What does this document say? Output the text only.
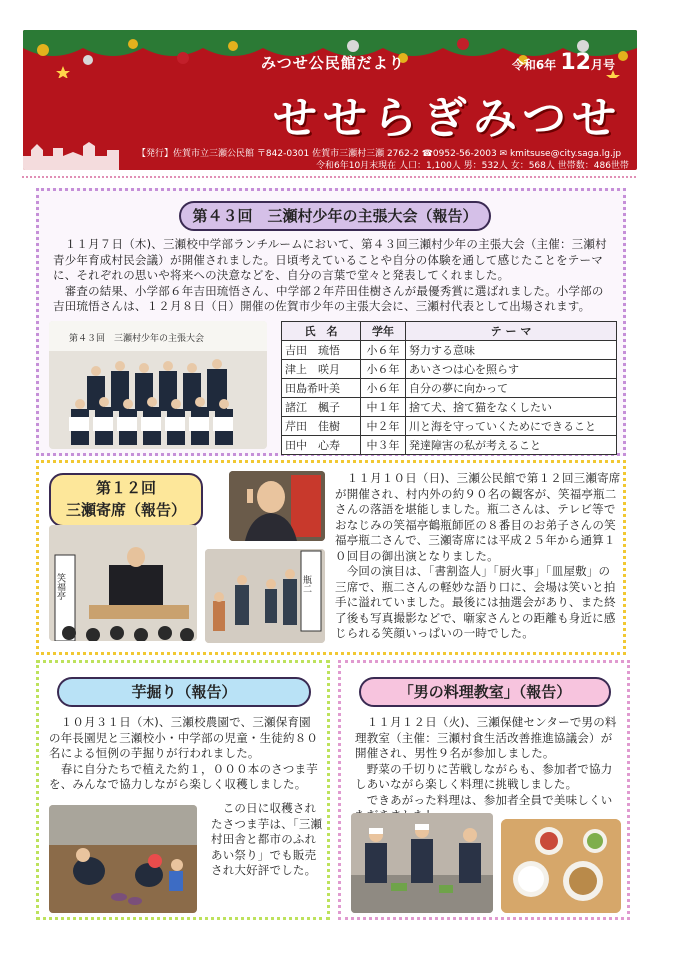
みつせ公民館だより	令和6年 12月号
せせらぎみつせ
【発行】佐賀市立三瀬公民館 〒842-0301 佐賀市三瀬村三瀬 2762-2 ☎0952-56-2003 ✉ kmitsuse@city.saga.lg.jp
令和6年10月末現在 人口：1,100人 男：532人 女：568人 世帯数：486世帯
第４３回　三瀬村少年の主張大会（報告）
　１１月７日（木)、三瀬校中学部ランチルームにおいて、第４３回三瀬村少年の主張大会（主催：三瀬村青少年育成村民会議）が開催されました。日頃考えていることや自分の体験を通して感じたことをテーマに、それぞれの思いや将来への決意などを、自分の言葉で堂々と発表してくれました。
　審査の結果、小学部６年吉田琉悟さん、中学部２年芹田佳樹さんが最優秀賞に選ばれました。小学部の吉田琉悟さんは、１２月８日（日）開催の佐賀市少年の主張大会に、三瀬村代表として出場されます。
第４３回　三瀬村少年の主張大会
氏　名	学年	テ ー マ
吉田　琉悟	小６年	努力する意味
津上　咲月	小６年	あいさつは心を照らす
田島希叶美	小６年	自分の夢に向かって
諸江　楓子	中１年	捨て犬、捨て猫をなくしたい
芹田　佳樹	中２年	川と海を守っていくためにできること
田中　心寿	中３年	発達障害の私が考えること
第１２回
三瀬寄席（報告）
笑福亭	瓶二
　１１月１０日（日)、三瀬公民館で第１２回三瀬寄席が開催され、村内外の約９０名の観客が、笑福亭瓶二さんの落語を堪能しました。瓶二さんは、テレビ等でおなじみの笑福亭鶴瓶師匠の８番目のお弟子さんの笑福亭瓶二さんで、三瀬寄席には平成２５年から通算１０回目の御出演となりました。
　今回の演目は、「書割盗人」「厨火事」「皿屋敷」の三席で、瓶二さんの軽妙な語り口に、会場は笑いと拍手に溢れていました。最後には抽選会があり、また終了後も写真撮影などで、噺家さんとの距離も身近に感じられる笑顔いっぱいの一時でした。
芋掘り（報告）
　１０月３１日（木)、三瀬校農園で、三瀬保育園の年長園児と三瀬校小・中学部の児童・生徒約８０名による恒例の芋掘りが行われました。
　春に自分たちで植えた約１，０００本のさつま芋を、みんなで協力しながら楽しく収穫しました。
　この日に収穫されたさつま芋は、「三瀬村田舎と都市のふれあい祭り」でも販売され大好評でした。
「男の料理教室」（報告）
　１１月１２日（火)、三瀬保健センターで男の料理教室（主催：三瀬村食生活改善推進協議会）が開催され、男性９名が参加しました。
　野菜の千切りに苦戦しながらも、参加者で協力しあいながら楽しく料理に挑戦しました。
　できあがった料理は、参加者全員で美味しくい
